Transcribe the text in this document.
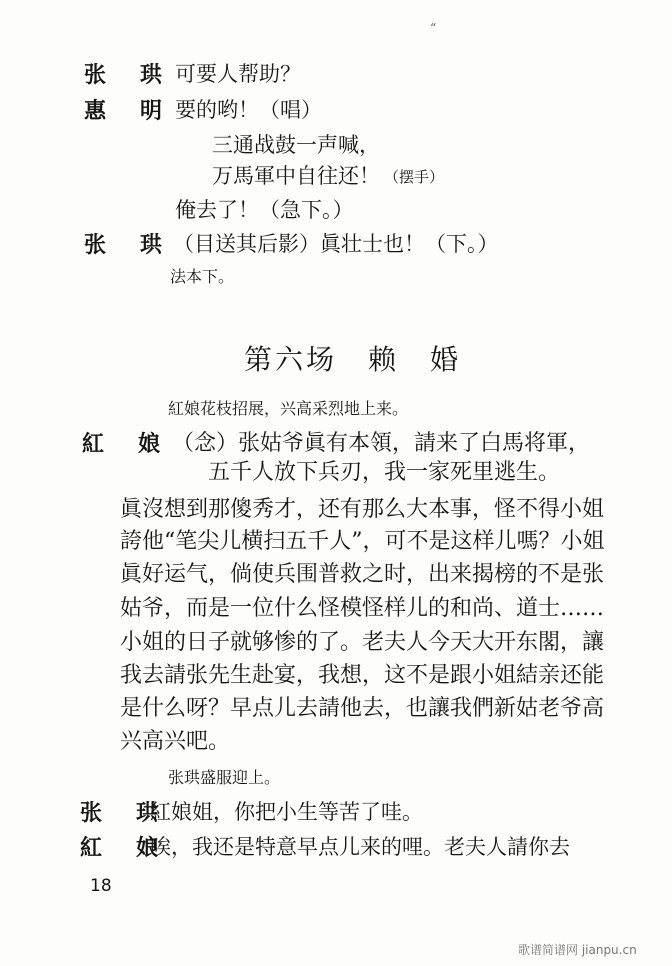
“
张　珙 可要人帮助？
惠　明 要的哟！（唱）
三通战鼓一声喊，
万馬軍中自往还！ （摆手）
俺去了！（急下。）
张　珙 （目送其后影）眞壮士也！（下。）
法本下。
第六场　赖　婚
紅娘花枝招展，兴高采烈地上来。
紅　娘 （念）张姑爷眞有本領，請来了白馬将軍，
五千人放下兵刃，我一家死里逃生。
眞沒想到那傻秀才，还有那么大本事，怪不得小姐
誇他“笔尖儿横扫五千人”，可不是这样儿嗎？小姐
眞好运气，倘使兵围普救之时，出来揭榜的不是张
姑爷，而是一位什么怪模怪样儿的和尚、道士……
小姐的日子就够惨的了。老夫人今天大开东閣，讓
我去請张先生赴宴，我想，这不是跟小姐結亲还能
是什么呀？早点儿去請他去，也讓我們新姑老爷高
兴高兴吧。
张珙盛服迎上。
张　珙
紅娘姐，你把小生等苦了哇。
紅　娘
唉，我还是特意早点儿来的哩。老夫人請你去
18
歌谱简谱网 jianpu.cn
